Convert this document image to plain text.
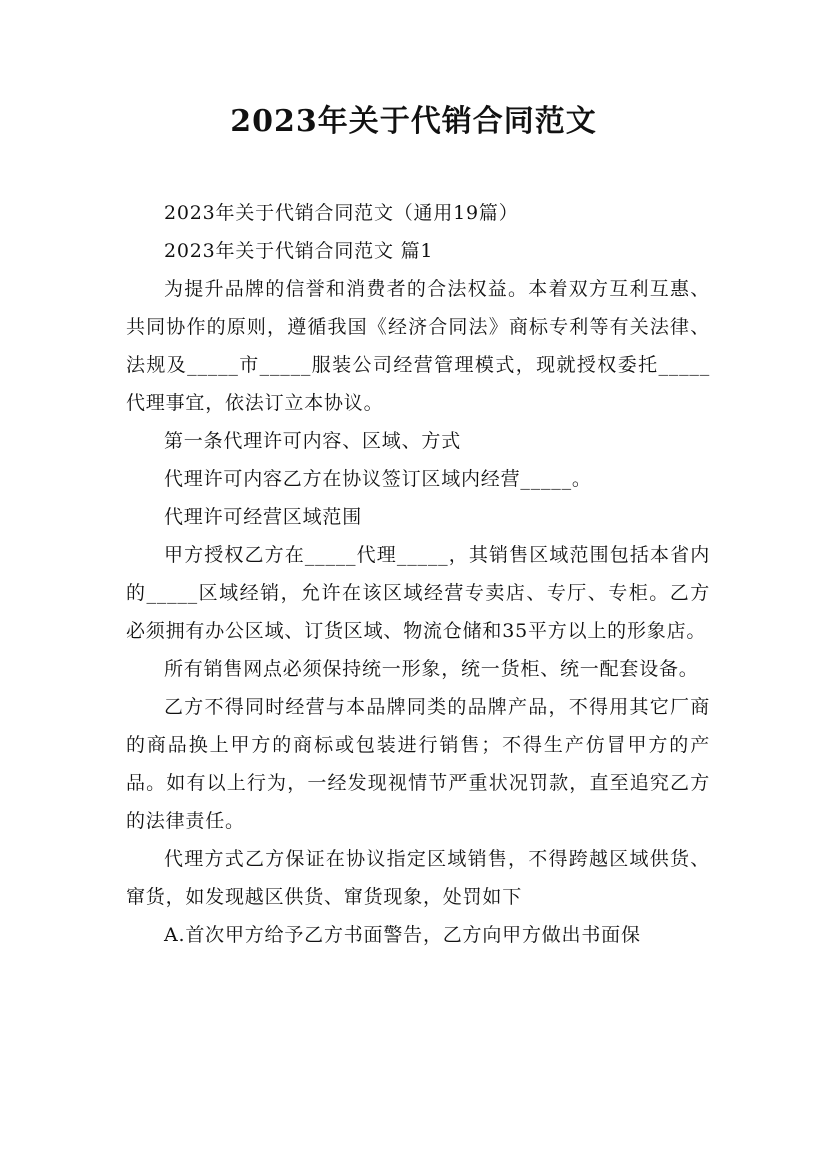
2023年关于代销合同范文

2023年关于代销合同范文（通用19篇）

2023年关于代销合同范文 篇1

为提升品牌的信誉和消费者的合法权益。本着双方互利互惠、共同协作的原则，遵循我国《经济合同法》商标专利等有关法律、法规及_____市_____服装公司经营管理模式，现就授权委托_____代理事宜，依法订立本协议。

第一条代理许可内容、区域、方式

代理许可内容乙方在协议签订区域内经营_____。

代理许可经营区域范围

甲方授权乙方在_____代理_____，其销售区域范围包括本省内的_____区域经销，允许在该区域经营专卖店、专厅、专柜。乙方必须拥有办公区域、订货区域、物流仓储和35平方以上的形象店。

所有销售网点必须保持统一形象，统一货柜、统一配套设备。

乙方不得同时经营与本品牌同类的品牌产品，不得用其它厂商的商品换上甲方的商标或包装进行销售；不得生产仿冒甲方的产品。如有以上行为，一经发现视情节严重状况罚款，直至追究乙方的法律责任。

代理方式乙方保证在协议指定区域销售，不得跨越区域供货、窜货，如发现越区供货、窜货现象，处罚如下

A.首次甲方给予乙方书面警告，乙方向甲方做出书面保
